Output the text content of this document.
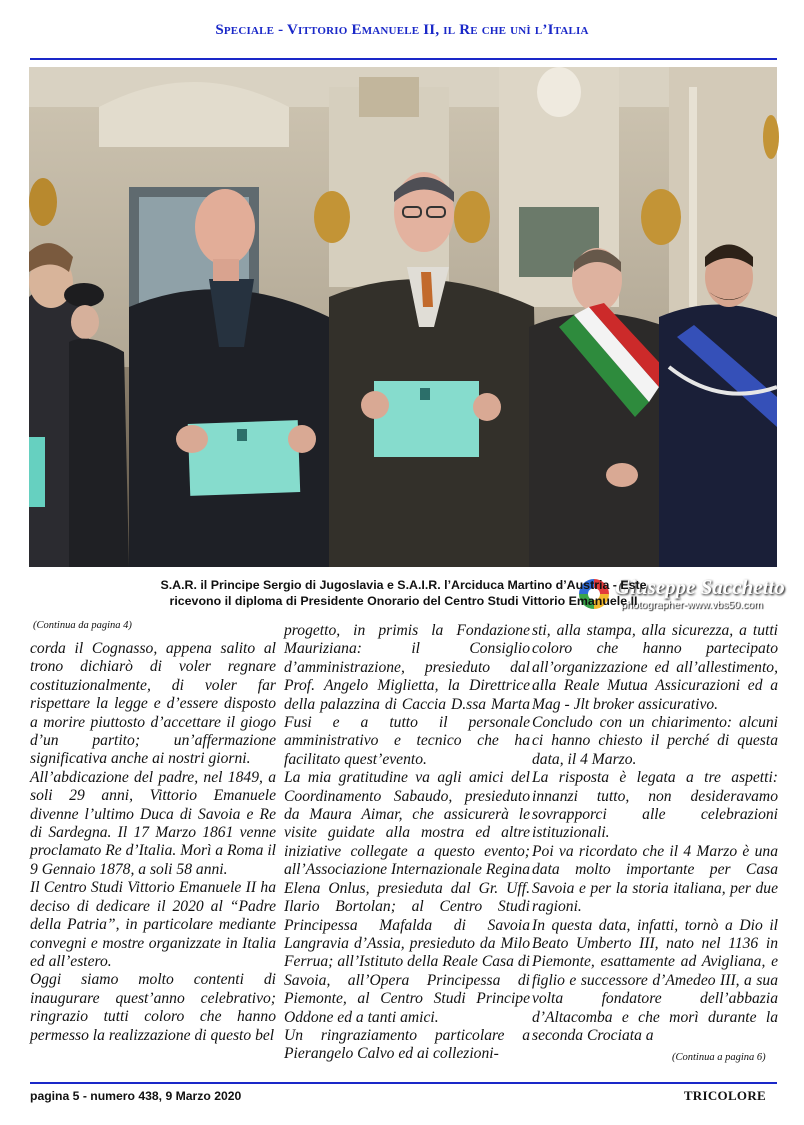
Speciale - Vittorio Emanuele II, il Re che unì l’Italia
Giuseppe Sacchetto
photographer-www.vbs50.com
S.A.R. il Principe Sergio di Jugoslavia e S.A.I.R. l’Arciduca Martino d’Austria - Este
ricevono il diploma di Presidente Onorario del Centro Studi Vittorio Emanuele II
(Continua da pagina 4)

corda il Cognasso, appena salito al trono dichiarò di voler regnare costituzionalmente, di voler far rispettare la legge e d’essere disposto a morire piuttosto d’accettare il giogo d’un partito; un’affermazione significativa anche ai nostri giorni.

All’abdicazione del padre, nel 1849, a soli 29 anni, Vittorio Emanuele divenne l’ultimo Duca di Savoia e Re di Sardegna. Il 17 Marzo 1861 venne proclamato Re d’Italia. Morì a Roma il 9 Gennaio 1878, a soli 58 anni.

Il Centro Studi Vittorio Emanuele II ha deciso di dedicare il 2020 al “Padre della Patria”, in particolare mediante convegni e mostre organizzate in Italia ed all’estero.

Oggi siamo molto contenti di inaugurare quest’anno celebrativo; ringrazio tutti coloro che hanno permesso la realizzazione di questo bel

progetto, in primis la Fondazione Mauriziana: il Consiglio d’amministrazione, presieduto dal Prof. Angelo Miglietta, la Direttrice della palazzina di Caccia D.ssa Marta Fusi e a tutto il personale amministrativo e tecnico che ha facilitato quest’evento.

La mia gratitudine va agli amici del Coordinamento Sabaudo, presieduto da Maura Aimar, che assicurerà le visite guidate alla mostra ed altre iniziative collegate a questo evento; all’Associazione Internazionale Regina Elena Onlus, presieduta dal Gr. Uff. Ilario Bortolan; al Centro Studi Principessa Mafalda di Savoia Langravia d’Assia, presieduto da Milo Ferrua; all’Istituto della Reale Casa di Savoia, all’Opera Principessa di Piemonte, al Centro Studi Principe Oddone ed a tanti amici.

Un ringraziamento particolare a Pierangelo Calvo ed ai collezioni-

sti, alla stampa, alla sicurezza, a tutti coloro che hanno partecipato all’organizzazione ed all’allestimento, alla Reale Mutua Assicurazioni ed a Mag - Jlt broker assicurativo.

Concludo con un chiarimento: alcuni ci hanno chiesto il perché di questa data, il 4 Marzo.

La risposta è legata a tre aspetti: innanzi tutto, non desideravamo sovrapporci alle celebrazioni istituzionali.

Poi va ricordato che il 4 Marzo è una data molto importante per Casa Savoia e per la storia italiana, per due ragioni.

In questa data, infatti, tornò a Dio il Beato Umberto III, nato nel 1136 in Piemonte, esattamente ad Avigliana, e figlio e successore d’Amedeo III, a sua volta fondatore dell’abbazia d’Altacomba e che morì durante la seconda Crociata a

(Continua a pagina 6)
pagina 5 - numero 438, 9 Marzo 2020	TRICOLORE
